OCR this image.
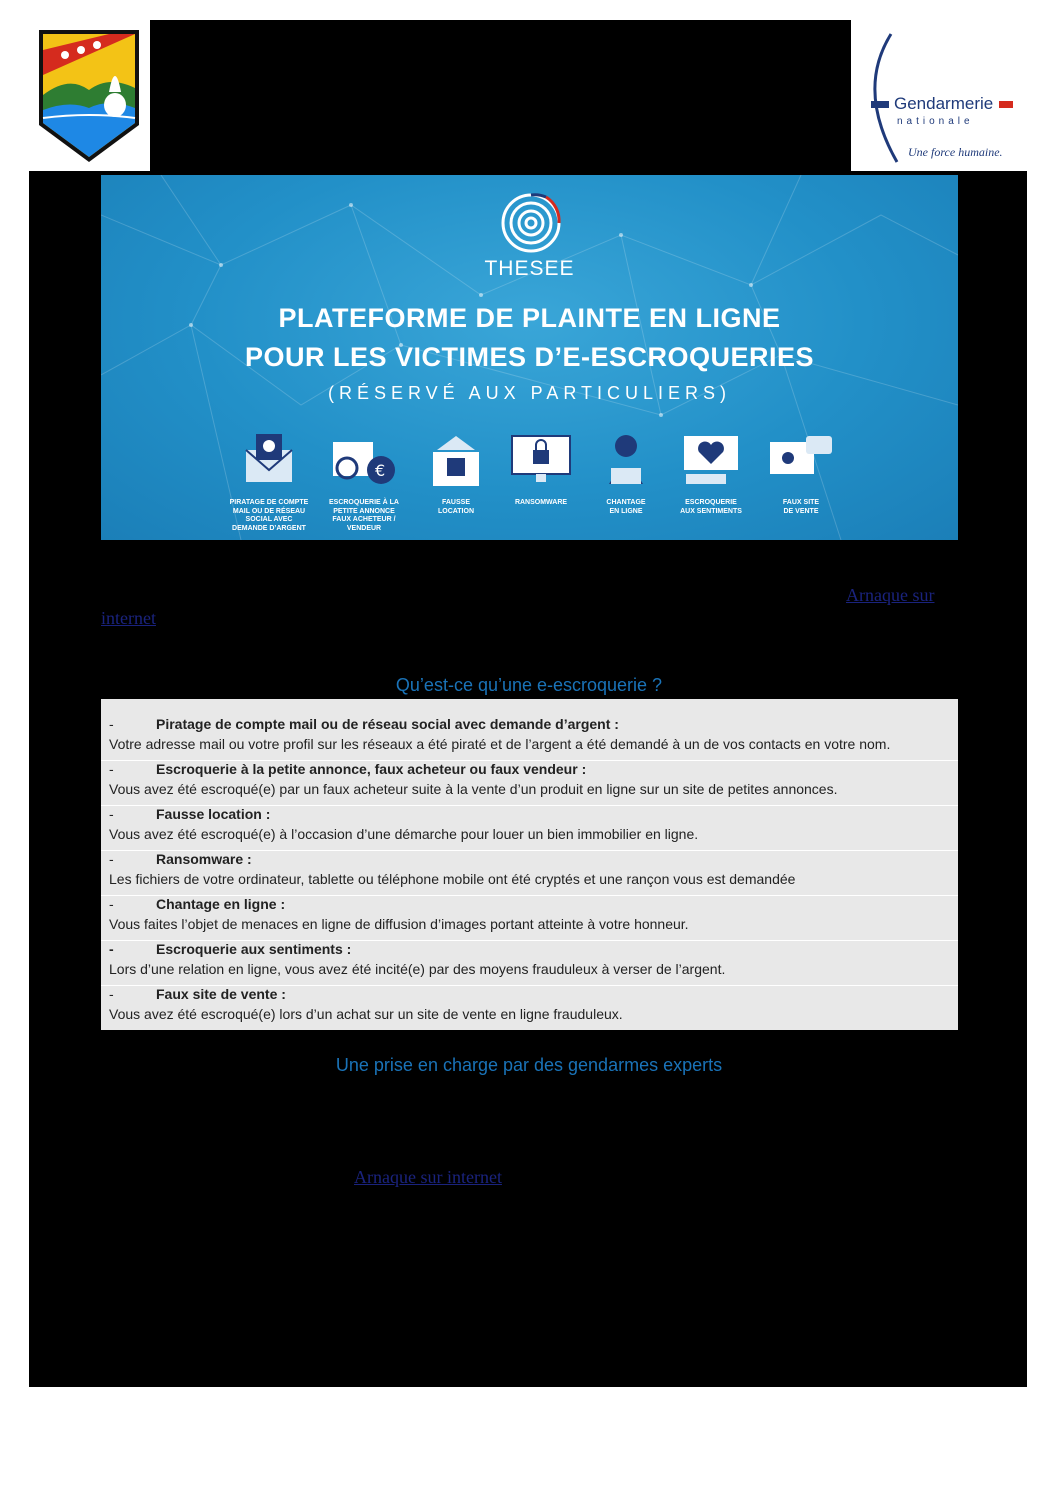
Gendarmerie
nationale
Une force humaine.
THESEE
PLATEFORME DE PLAINTE EN LIGNE
POUR LES VICTIMES D’E-ESCROQUERIES
(RÉSERVÉ AUX PARTICULIERS)
PIRATAGE DE COMPTE
MAIL OU DE RÉSEAU
SOCIAL AVEC
DEMANDE D’ARGENT
€
ESCROQUERIE À LA
PETITE ANNONCE
FAUX ACHETEUR /
VENDEUR
FAUSSE
LOCATION
RANSOMWARE	CHANTAGE
EN LIGNE
ESCROQUERIE
AUX SENTIMENTS
FAUX SITE
DE VENTE
Arnaque sur
internet
Qu’est-ce qu’une e-escroquerie ?
-	Piratage de compte mail ou de réseau social avec demande d’argent :
Votre adresse mail ou votre profil sur les réseaux a été piraté et de l’argent a été demandé à un de vos contacts en votre nom.
-	Escroquerie à la petite annonce, faux acheteur ou faux vendeur :
Vous avez été escroqué(e) par un faux acheteur suite à la vente d’un produit en ligne sur un site de petites annonces.
-	Fausse location :
Vous avez été escroqué(e) à l’occasion d’une démarche pour louer un bien immobilier en ligne.
-	Ransomware :
Les fichiers de votre ordinateur, tablette ou téléphone mobile ont été cryptés et une rançon vous est demandée
-	Chantage en ligne :
Vous faites l’objet de menaces en ligne de diffusion d’images portant atteinte à votre honneur.
-	Escroquerie aux sentiments :
Lors d’une relation en ligne, vous avez été incité(e) par des moyens frauduleux à verser de l’argent.
-	Faux site de vente :
Vous avez été escroqué(e) lors d’un achat sur un site de vente en ligne frauduleux.
Une prise en charge par des gendarmes experts
Arnaque sur internet
